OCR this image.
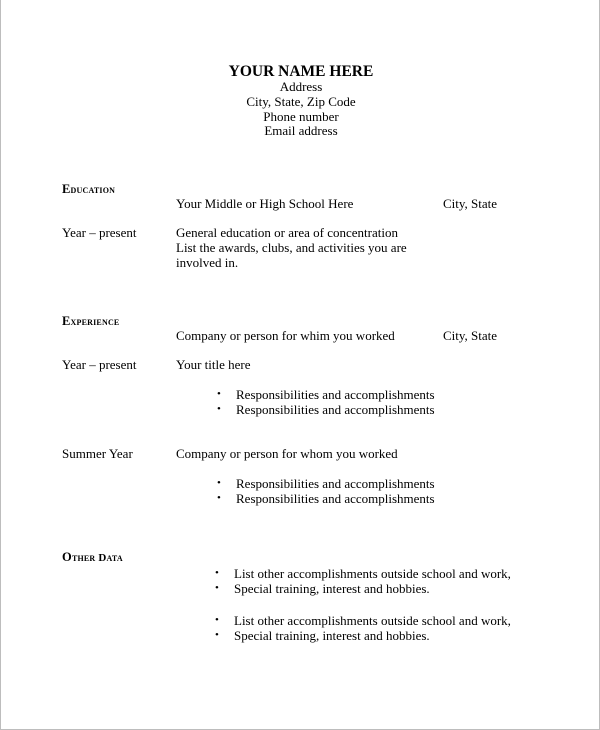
YOUR NAME HERE
Address
City, State, Zip Code
Phone number
Email address
Education
Your Middle or High School Here	City, State
Year – present	General education or area of concentration
List the awards, clubs, and activities you are
involved in.
Experience
Company or person for whim you worked	City, State
Year – present	Your title here
• Responsibilities and accomplishments
• Responsibilities and accomplishments
Summer Year	Company or person for whom you worked
• Responsibilities and accomplishments
• Responsibilities and accomplishments
Other Data
• List other accomplishments outside school and work,
• Special training, interest and hobbies.
• List other accomplishments outside school and work,
• Special training, interest and hobbies.
